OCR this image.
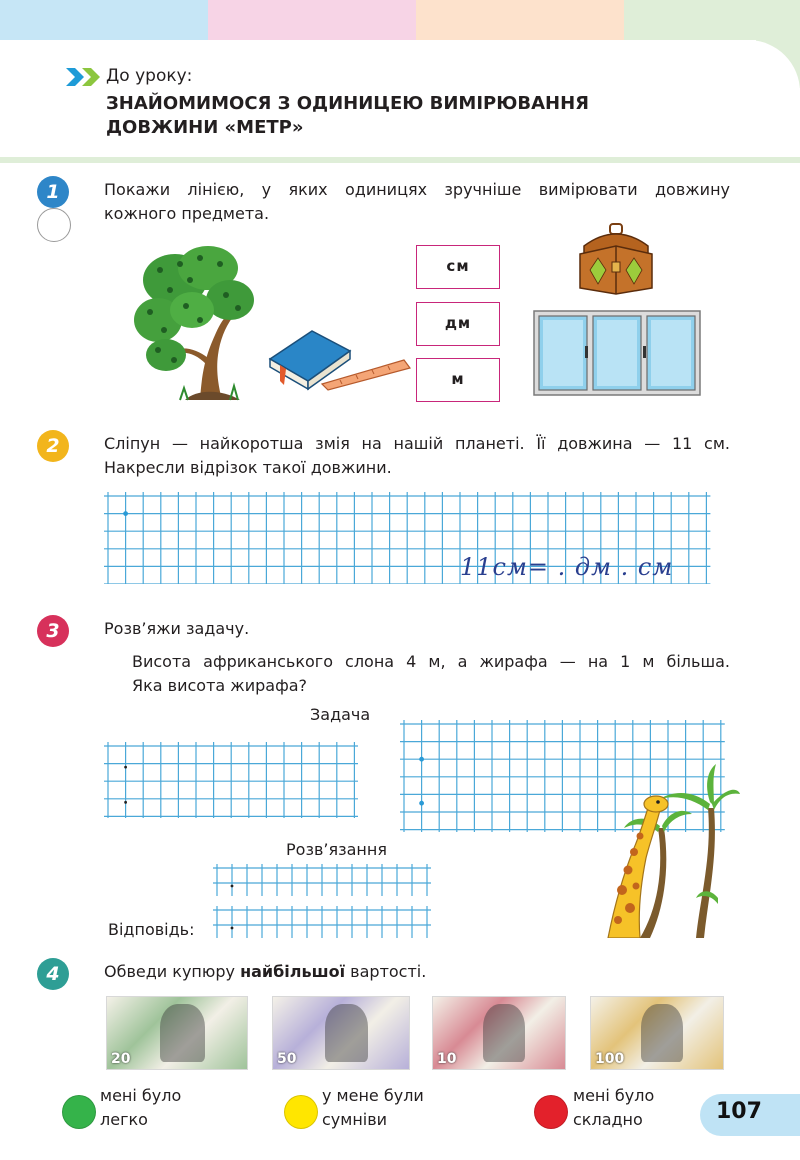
До уроку:
ЗНАЙОМИМОСЯ З ОДИНИЦЕЮ ВИМІРЮВАННЯ ДОВЖИНИ «МЕТР»
1	Покажи лінією, у яких одиницях зручніше вимірювати довжину
кожного предмета.
см
дм
м
2	Сліпун — найкоротша змія на нашій планеті. Її довжина — 11 см.
Накресли відрізок такої довжини.
11см= . дм . см
3	Розв’яжи задачу.
Висота африканського слона 4 м, а жирафа — на 1 м більша.
Яка висота жирафа?
Задача
Розв’язання
Відповідь:
4	Обведи купюру найбільшої вартості.
20	50	10	100
мені було
легко
у мене були
сумніви
мені було
складно	107
